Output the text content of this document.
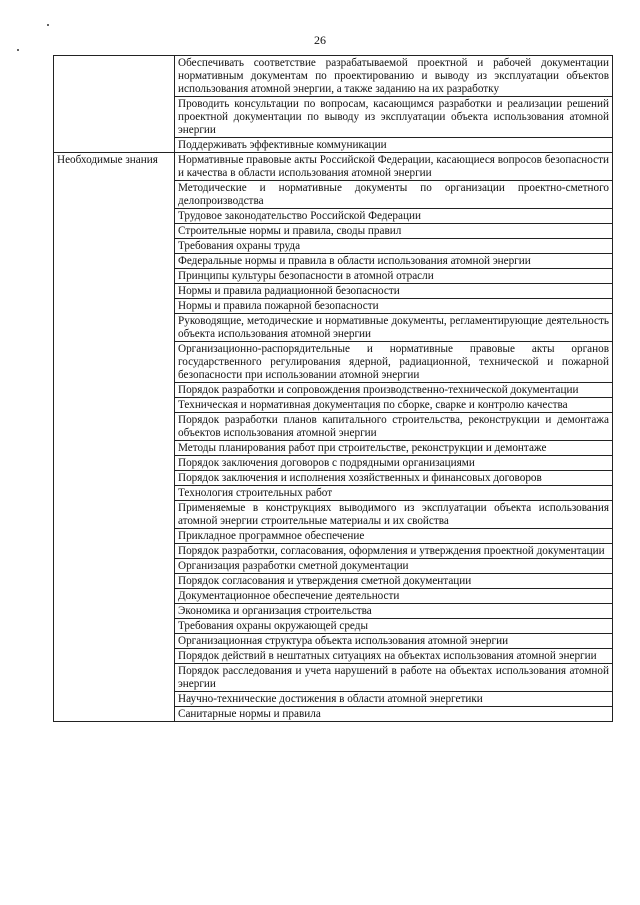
26
	Обеспечивать соответствие разрабатываемой проектной и рабочей документации нормативным документам по проектированию и выводу из эксплуатации объектов использования атомной энергии, а также заданию на их разработку
	Проводить консультации по вопросам, касающимся разработки и реализации решений проектной документации по выводу из эксплуатации объекта использования атомной энергии
	Поддерживать эффективные коммуникации
Необходимые знания	Нормативные правовые акты Российской Федерации, касающиеся вопросов безопасности и качества в области использования атомной энергии
	Методические и нормативные документы по организации проектно-сметного делопроизводства
	Трудовое законодательство Российской Федерации
	Строительные нормы и правила, своды правил
	Требования охраны труда
	Федеральные нормы и правила в области использования атомной энергии
	Принципы культуры безопасности в атомной отрасли
	Нормы и правила радиационной безопасности
	Нормы и правила пожарной безопасности
	Руководящие, методические и нормативные документы, регламентирующие деятельность объекта использования атомной энергии
	Организационно-распорядительные и нормативные правовые акты органов государственного регулирования ядерной, радиационной, технической и пожарной безопасности при использовании атомной энергии
	Порядок разработки и сопровождения производственно-технической документации
	Техническая и нормативная документация по сборке, сварке и контролю качества
	Порядок разработки планов капитального строительства, реконструкции и демонтажа объектов использования атомной энергии
	Методы планирования работ при строительстве, реконструкции и демонтаже
	Порядок заключения договоров с подрядными организациями
	Порядок заключения и исполнения хозяйственных и финансовых договоров
	Технология строительных работ
	Применяемые в конструкциях выводимого из эксплуатации объекта использования атомной энергии строительные материалы и их свойства
	Прикладное программное обеспечение
	Порядок разработки, согласования, оформления и утверждения проектной документации
	Организация разработки сметной документации
	Порядок согласования и утверждения сметной документации
	Документационное обеспечение деятельности
	Экономика и организация строительства
	Требования охраны окружающей среды
	Организационная структура объекта использования атомной энергии
	Порядок действий в нештатных ситуациях на объектах использования атомной энергии
	Порядок расследования и учета нарушений в работе на объектах использования атомной энергии
	Научно-технические достижения в области атомной энергетики
	Санитарные нормы и правила
